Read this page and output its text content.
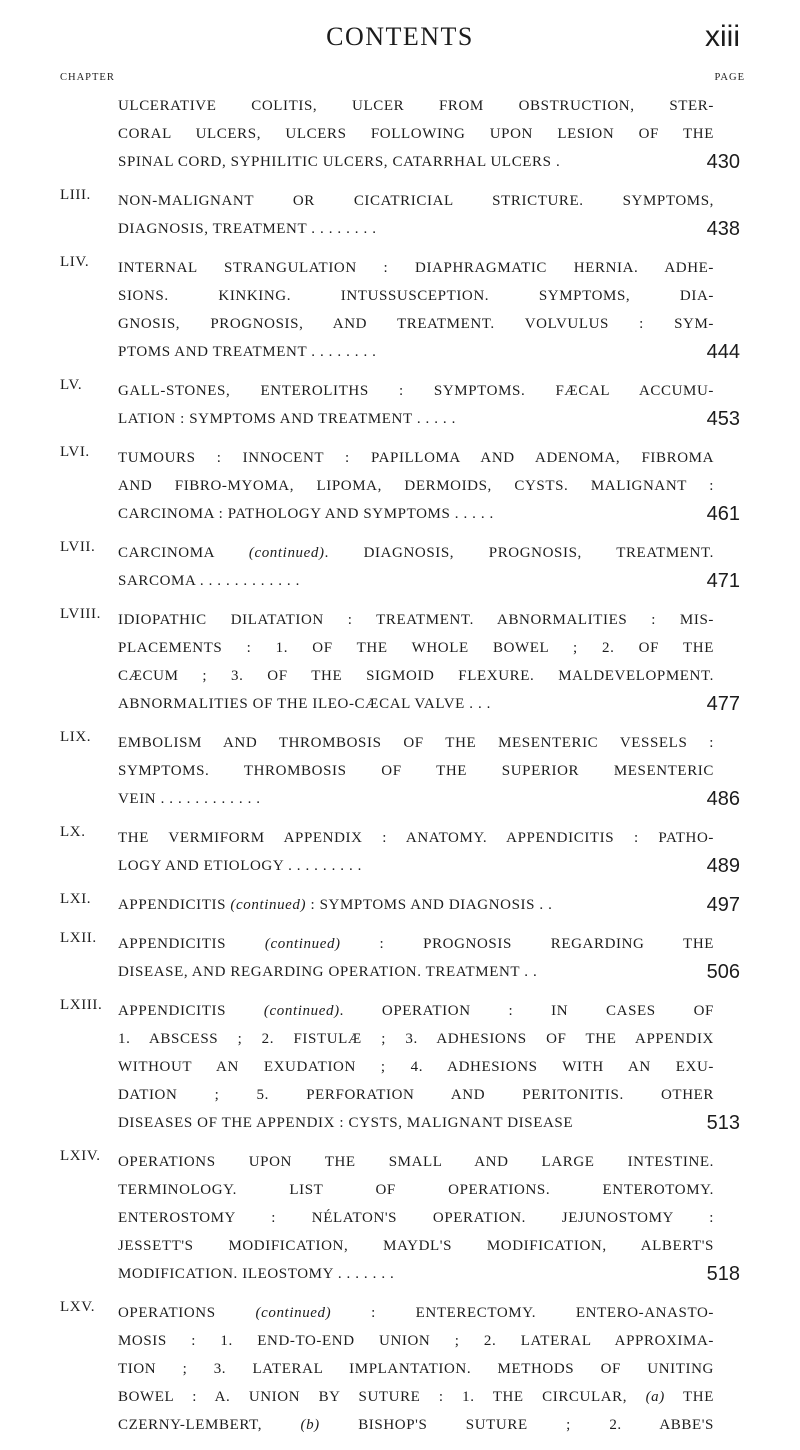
CONTENTS	xiii
CHAPTER	PAGE
ULCERATIVE COLITIS, ULCER FROM OBSTRUCTION, STER-
CORAL ULCERS, ULCERS FOLLOWING UPON LESION OF THE
SPINAL CORD, SYPHILITIC ULCERS, CATARRHAL ULCERS .	430
LIII. NON-MALIGNANT OR CICATRICIAL STRICTURE. SYMPTOMS,
DIAGNOSIS, TREATMENT . . . . . . . .	438
LIV. INTERNAL STRANGULATION : DIAPHRAGMATIC HERNIA. ADHE-
SIONS. KINKING. INTUSSUSCEPTION. SYMPTOMS, DIA-
GNOSIS, PROGNOSIS, AND TREATMENT. VOLVULUS : SYM-
PTOMS AND TREATMENT . . . . . . . .	444
LV. GALL-STONES, ENTEROLITHS : SYMPTOMS. FÆCAL ACCUMU-
LATION : SYMPTOMS AND TREATMENT . . . . .	453
LVI. TUMOURS : INNOCENT : PAPILLOMA AND ADENOMA, FIBROMA
AND FIBRO-MYOMA, LIPOMA, DERMOIDS, CYSTS. MALIGNANT :
CARCINOMA : PATHOLOGY AND SYMPTOMS . . . . .	461
LVII. CARCINOMA (continued). DIAGNOSIS, PROGNOSIS, TREATMENT.
SARCOMA . . . . . . . . . . . .	471
LVIII. IDIOPATHIC DILATATION : TREATMENT. ABNORMALITIES : MIS-
PLACEMENTS : 1. OF THE WHOLE BOWEL ; 2. OF THE
CÆCUM ; 3. OF THE SIGMOID FLEXURE. MALDEVELOPMENT.
ABNORMALITIES OF THE ILEO-CÆCAL VALVE . . .	477
LIX. EMBOLISM AND THROMBOSIS OF THE MESENTERIC VESSELS :
SYMPTOMS. THROMBOSIS OF THE SUPERIOR MESENTERIC
VEIN . . . . . . . . . . . .	486
LX. THE VERMIFORM APPENDIX : ANATOMY. APPENDICITIS : PATHO-
LOGY AND ETIOLOGY . . . . . . . . .	489
LXI. APPENDICITIS (continued) : SYMPTOMS AND DIAGNOSIS . .	497
LXII. APPENDICITIS (continued) : PROGNOSIS REGARDING THE
DISEASE, AND REGARDING OPERATION. TREATMENT . .	506
LXIII. APPENDICITIS (continued). OPERATION : IN CASES OF
1. ABSCESS ; 2. FISTULÆ ; 3. ADHESIONS OF THE APPENDIX
WITHOUT AN EXUDATION ; 4. ADHESIONS WITH AN EXU-
DATION ; 5. PERFORATION AND PERITONITIS. OTHER
DISEASES OF THE APPENDIX : CYSTS, MALIGNANT DISEASE	513
LXIV. OPERATIONS UPON THE SMALL AND LARGE INTESTINE.
TERMINOLOGY. LIST OF OPERATIONS. ENTEROTOMY.
ENTEROSTOMY : NÉLATON'S OPERATION. JEJUNOSTOMY :
JESSETT'S MODIFICATION, MAYDL'S MODIFICATION, ALBERT'S
MODIFICATION. ILEOSTOMY . . . . . . .	518
LXV. OPERATIONS (continued) : ENTERECTOMY. ENTERO-ANASTO-
MOSIS : 1. END-TO-END UNION ; 2. LATERAL APPROXIMA-
TION ; 3. LATERAL IMPLANTATION. METHODS OF UNITING
BOWEL : A. UNION BY SUTURE : 1. THE CIRCULAR, (a) THE
CZERNY-LEMBERT, (b) BISHOP'S SUTURE ; 2. ABBE'S
